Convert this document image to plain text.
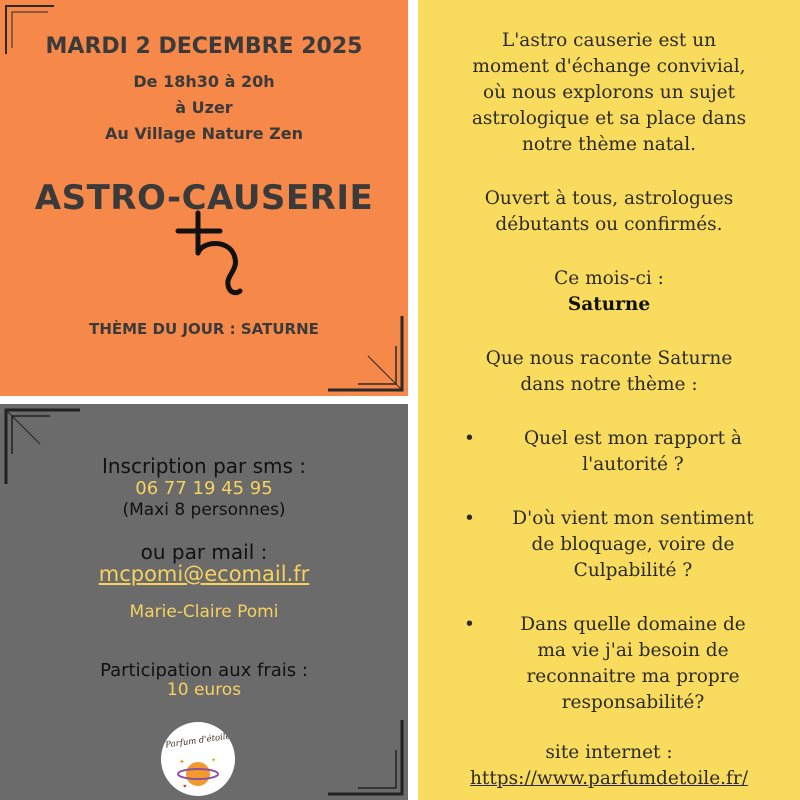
MARDI 2 DECEMBRE 2025
De 18h30 à 20h
à Uzer
Au Village Nature Zen
ASTRO-CAUSERIE
THÈME DU JOUR : SATURNE
Inscription par sms :
06 77 19 45 95
(Maxi 8 personnes)
ou par mail :
mcpomi@ecomail.fr
Marie-Claire Pomi
Participation aux frais :
10 euros
Parfum d'étoile
✦	✦
♥
L'astro causerie est un
moment d'échange convivial,
où nous explorons un sujet
astrologique et sa place dans
notre thème natal.
Ouvert à tous, astrologues
débutants ou confirmés.
Ce mois-ci :
Saturne
Que nous raconte Saturne
dans notre thème :
•	Quel est mon rapport à
l'autorité ?
•	D'où vient mon sentiment
de bloquage, voire de
Culpabilité ?
•	Dans quelle domaine de
ma vie j'ai besoin de
reconnaitre ma propre
responsabilité?
site internet :
https://www.parfumdetoile.fr/
